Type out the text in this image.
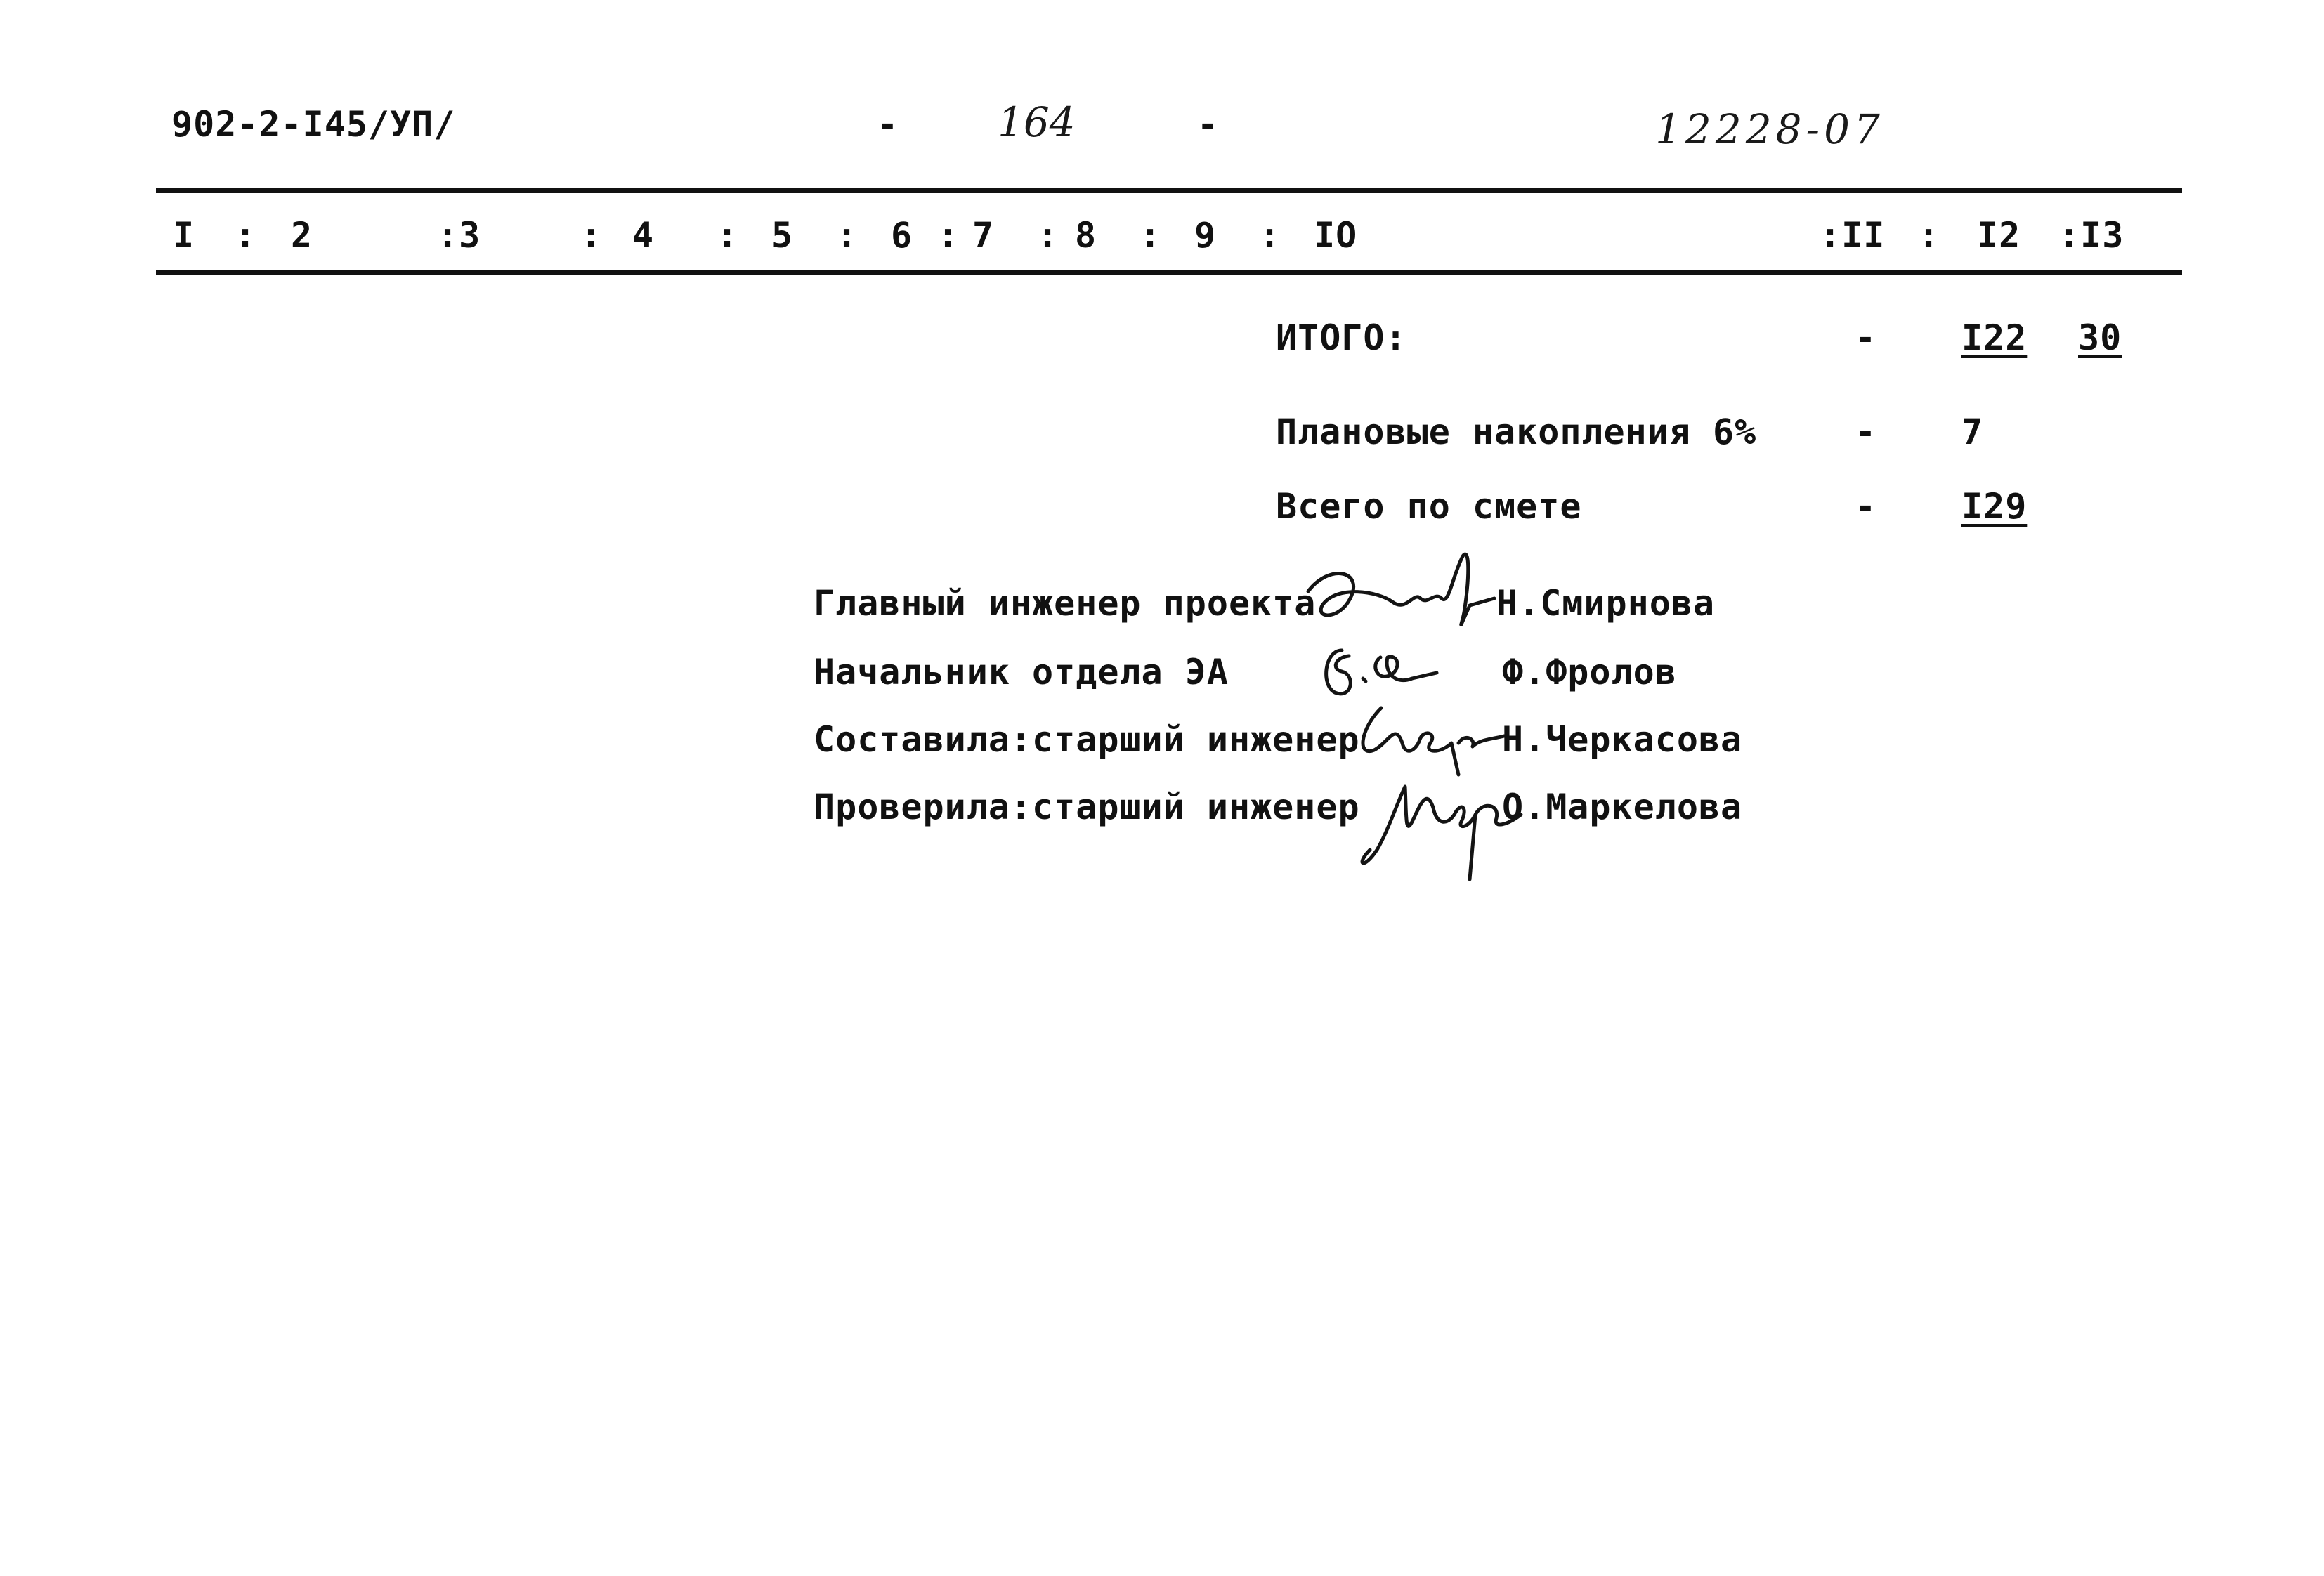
902-2-I45/УП/	- 164	-	12228-07
I : 2	:3	: 4 : 5 : 6 : 7 : 8 : 9 : IO	:II : I2 :I3
ИТОГО:	- I22 30
Плановые накопления 6%	- 7
Всего по смете	- I29
Главный инженер проекта	Н.Смирнова
Начальник отдела ЭА	Ф.Фролов
Составила:старший инженер	Н.Черкасова
Проверила:старший инженер	О.Маркелова
